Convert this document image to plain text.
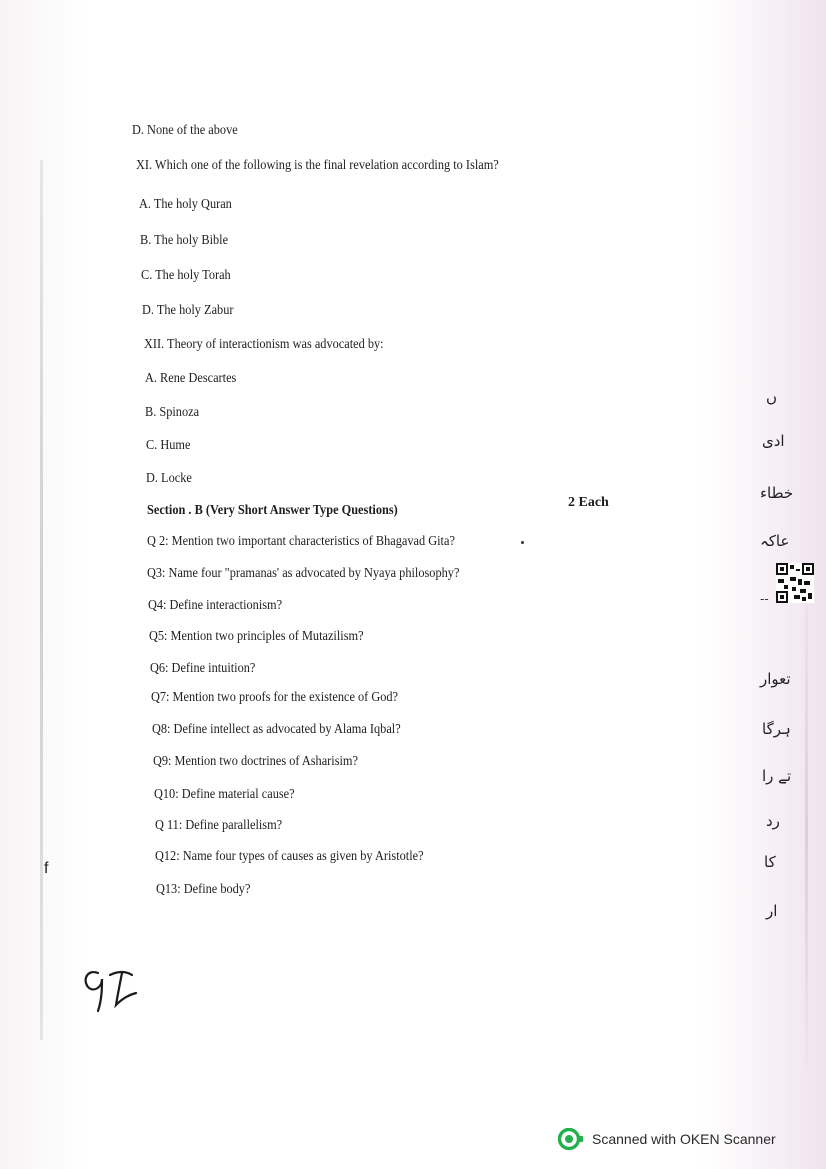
D. None of the above
XI. Which one of the following is the final revelation according to Islam?
A. The holy Quran
B. The holy Bible
C. The holy Torah
D. The holy Zabur
XII. Theory of interactionism was advocated by:
A. Rene Descartes
B. Spinoza
C. Hume
D. Locke
Section . B (Very Short Answer Type Questions)
2 Each
Q 2: Mention two important characteristics of Bhagavad Gita?
Q3: Name four "pramanas' as advocated by Nyaya philosophy?
Q4: Define interactionism?
Q5: Mention two principles of Mutazilism?
Q6: Define intuition?
Q7: Mention two proofs for the existence of God?
Q8: Define intellect as advocated by Alama Iqbal?
Q9: Mention two doctrines of Asharisim?
Q10: Define material cause?
Q 11: Define parallelism?
Q12: Name four types of causes as given by Aristotle?
Q13: Define body?
f
ں
ادی
خطاء
عاکہ
تعوار
ہرگا
تے را
رد
کا
ار
--
Scanned with OKEN Scanner
